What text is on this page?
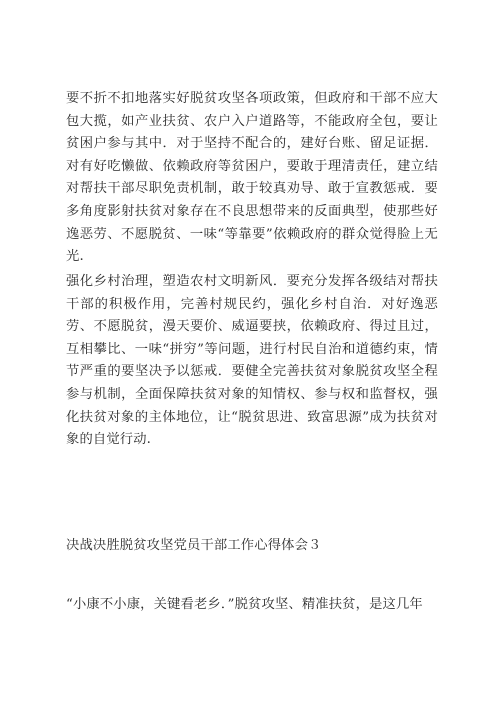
要不折不扣地落实好脱贫攻坚各项政策，但政府和干部不应大包大揽，如产业扶贫、农户入户道路等，不能政府全包，要让贫困户参与其中．对于坚持不配合的，建好台账、留足证据．对有好吃懒做、依赖政府等贫困户，要敢于理清责任，建立结对帮扶干部尽职免责机制，敢于较真劝导、敢于宣教惩戒．要多角度影射扶贫对象存在不良思想带来的反面典型，使那些好逸恶劳、不愿脱贫、一味“等靠要”依赖政府的群众觉得脸上无光.

强化乡村治理，塑造农村文明新风．要充分发挥各级结对帮扶干部的积极作用，完善村规民约，强化乡村自治．对好逸恶劳、不愿脱贫，漫天要价、威逼要挟，依赖政府、得过且过，互相攀比、一味“拼穷”等问题，进行村民自治和道德约束，情节严重的要坚决予以惩戒．要健全完善扶贫对象脱贫攻坚全程参与机制，全面保障扶贫对象的知情权、参与权和监督权，强化扶贫对象的主体地位，让“脱贫思进、致富思源”成为扶贫对象的自觉行动.

决战决胜脱贫攻坚党员干部工作心得体会３

“小康不小康，关键看老乡．”脱贫攻坚、精准扶贫，是这几年
